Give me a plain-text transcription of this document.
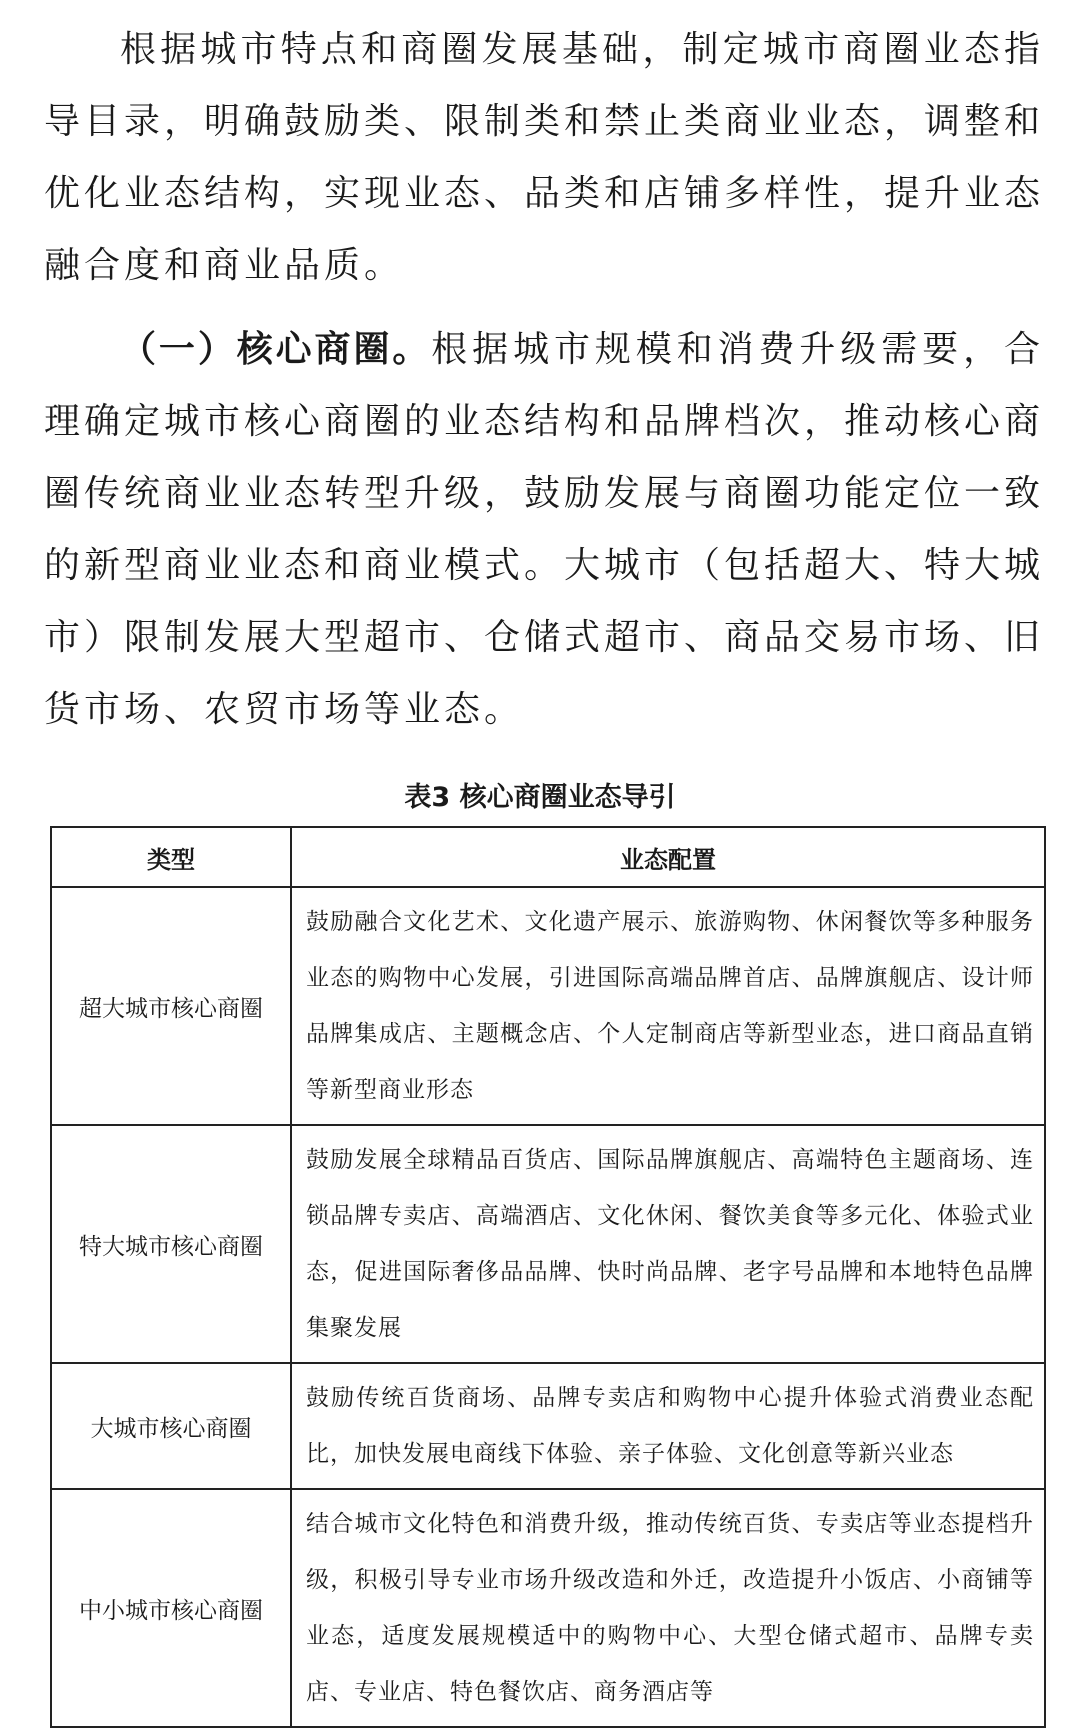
根据城市特点和商圈发展基础，制定城市商圈业态指导目录，明确鼓励类、限制类和禁止类商业业态，调整和优化业态结构，实现业态、品类和店铺多样性，提升业态融合度和商业品质。

（一）核心商圈。根据城市规模和消费升级需要，合理确定城市核心商圈的业态结构和品牌档次，推动核心商圈传统商业业态转型升级，鼓励发展与商圈功能定位一致的新型商业业态和商业模式。大城市（包括超大、特大城市）限制发展大型超市、仓储式超市、商品交易市场、旧货市场、农贸市场等业态。

表3 核心商圈业态导引

类型	业态配置
超大城市核心商圈	鼓励融合文化艺术、文化遗产展示、旅游购物、休闲餐饮等多种服务业态的购物中心发展，引进国际高端品牌首店、品牌旗舰店、设计师品牌集成店、主题概念店、个人定制商店等新型业态，进口商品直销等新型商业形态
特大城市核心商圈	鼓励发展全球精品百货店、国际品牌旗舰店、高端特色主题商场、连锁品牌专卖店、高端酒店、文化休闲、餐饮美食等多元化、体验式业态，促进国际奢侈品品牌、快时尚品牌、老字号品牌和本地特色品牌集聚发展
大城市核心商圈	鼓励传统百货商场、品牌专卖店和购物中心提升体验式消费业态配比，加快发展电商线下体验、亲子体验、文化创意等新兴业态
中小城市核心商圈	结合城市文化特色和消费升级，推动传统百货、专卖店等业态提档升级，积极引导专业市场升级改造和外迁，改造提升小饭店、小商铺等业态，适度发展规模适中的购物中心、大型仓储式超市、品牌专卖店、专业店、特色餐饮店、商务酒店等
